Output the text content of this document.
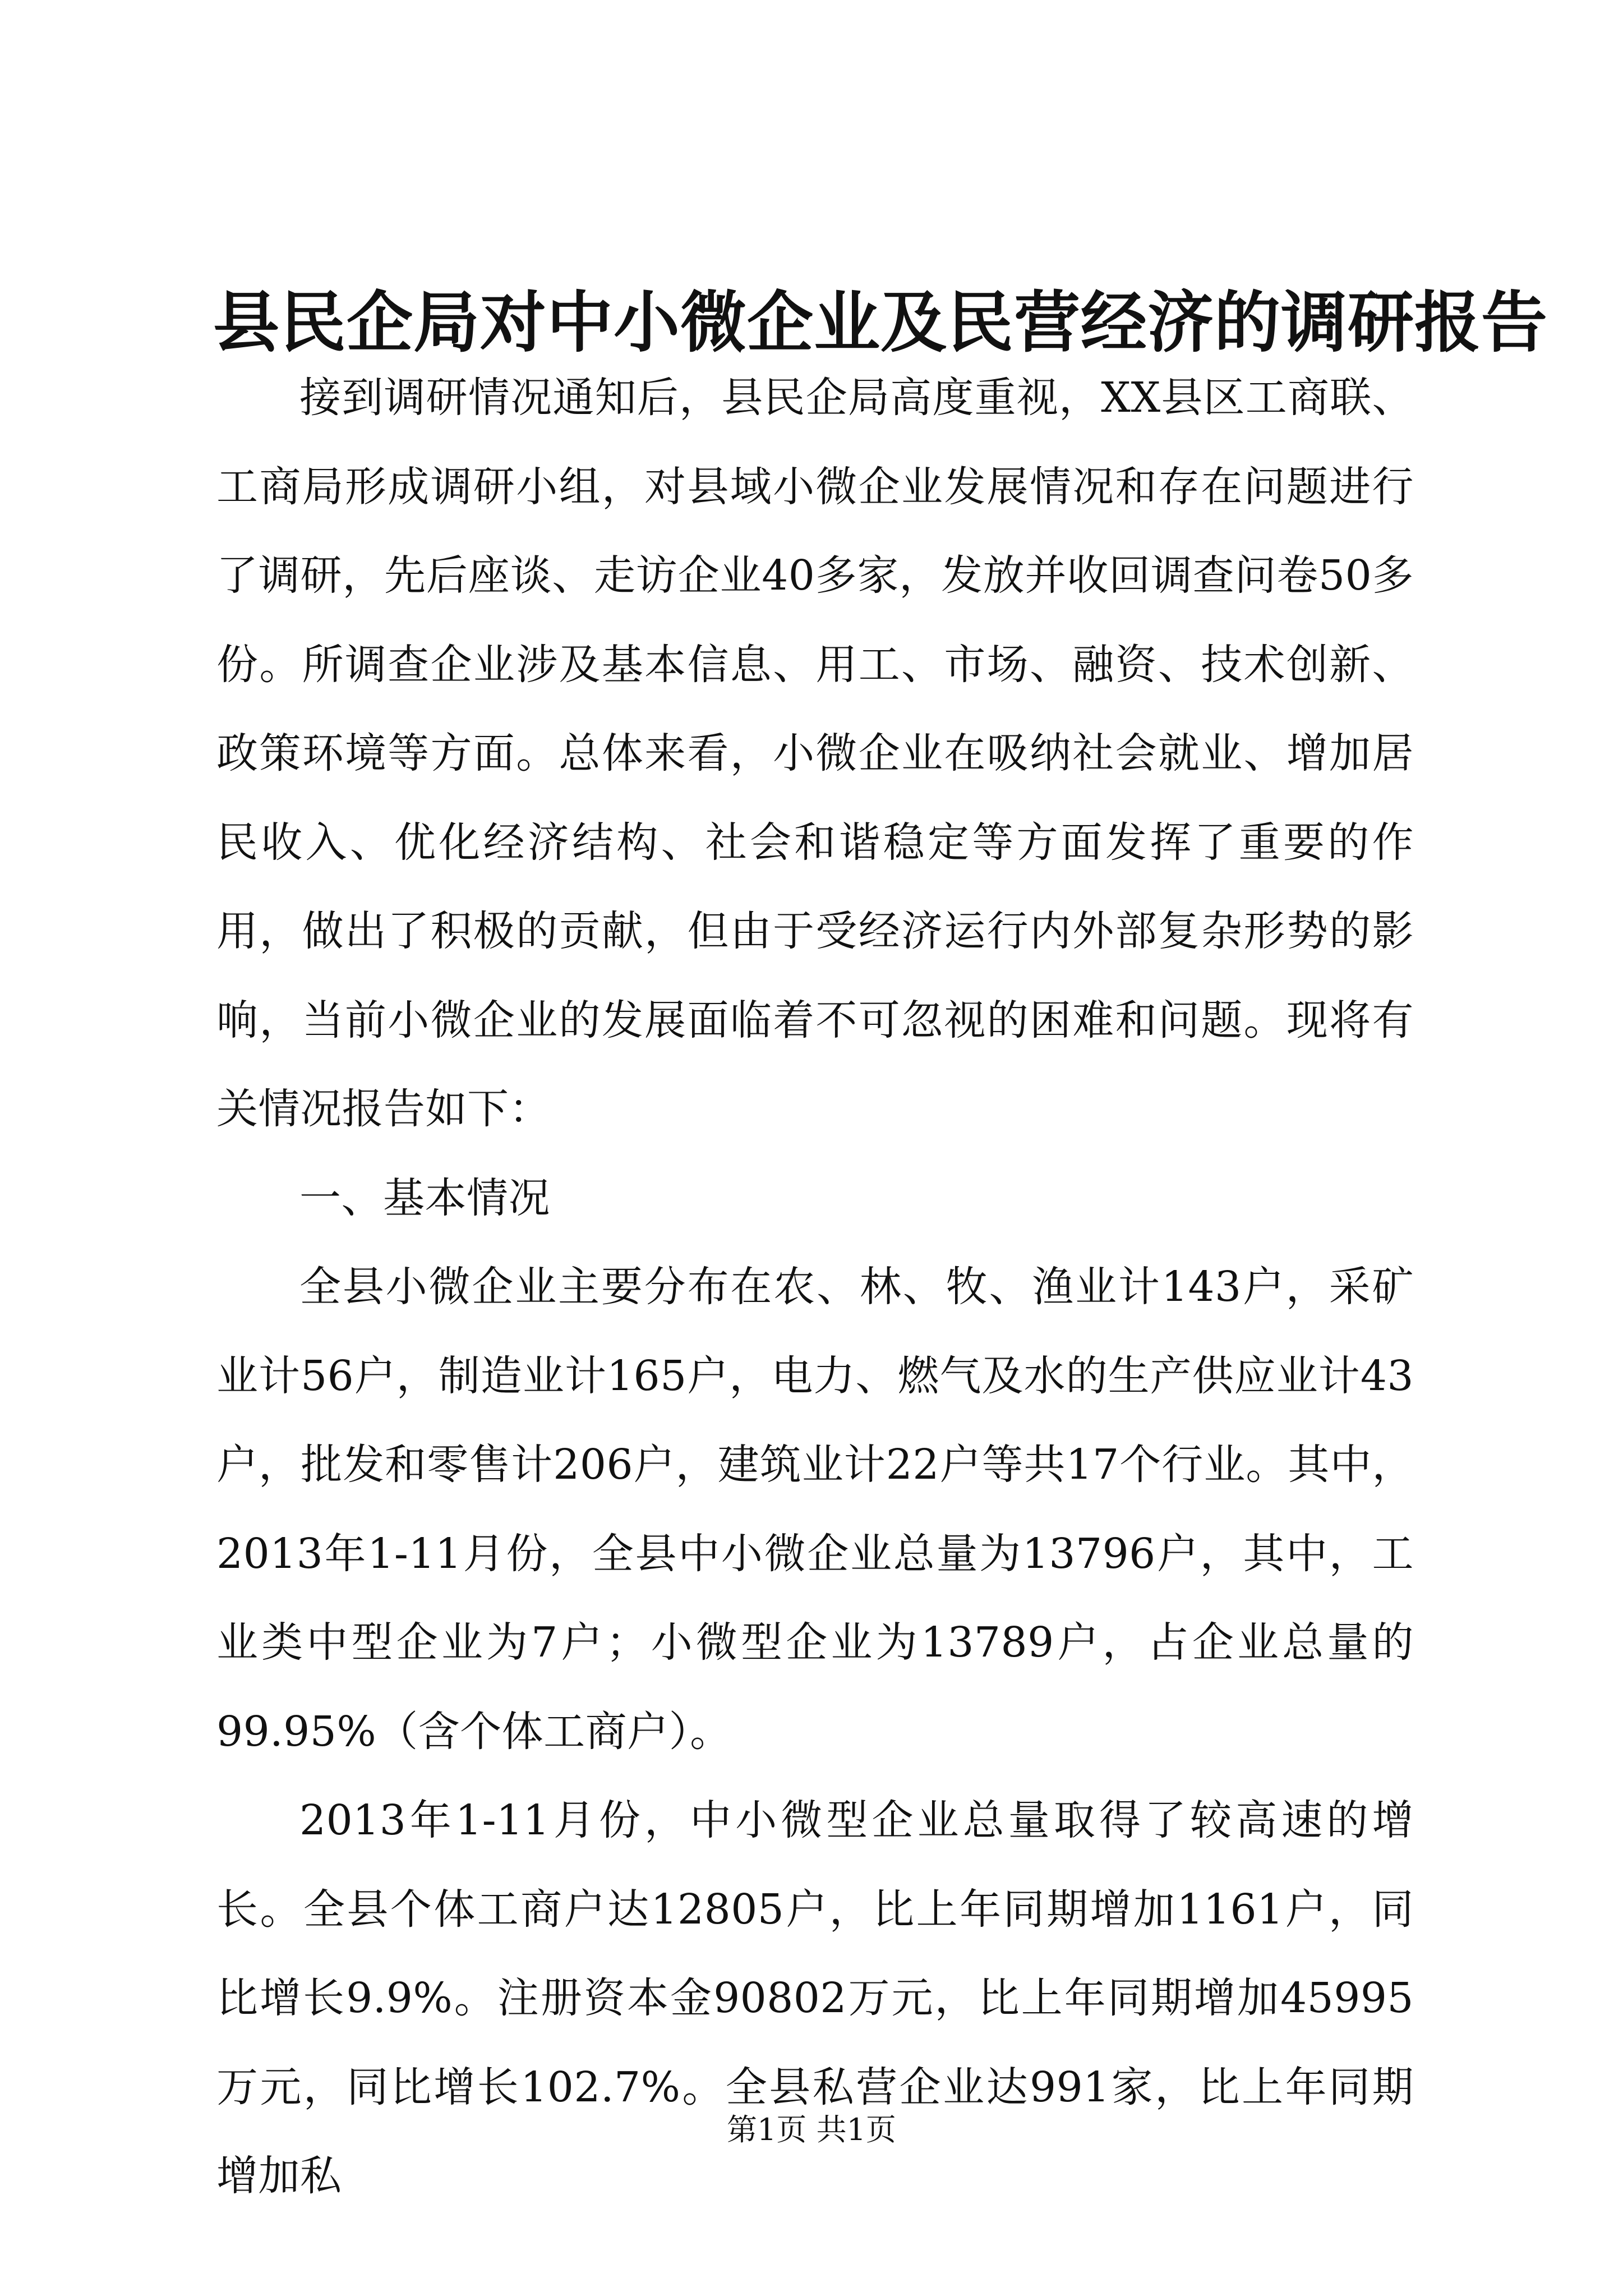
县民企局对中小微企业及民营经济的调研报告

接到调研情况通知后，县民企局高度重视，XX县区工商联、工商局形成调研小组，对县域小微企业发展情况和存在问题进行了调研，先后座谈、走访企业40多家，发放并收回调查问卷50多份。所调查企业涉及基本信息、用工、市场、融资、技术创新、政策环境等方面。总体来看，小微企业在吸纳社会就业、增加居民收入、优化经济结构、社会和谐稳定等方面发挥了重要的作用，做出了积极的贡献，但由于受经济运行内外部复杂形势的影响，当前小微企业的发展面临着不可忽视的困难和问题。现将有关情况报告如下：

一、基本情况

全县小微企业主要分布在农、林、牧、渔业计143户，采矿业计56户，制造业计165户，电力、燃气及水的生产供应业计43户，批发和零售计206户，建筑业计22户等共17个行业。其中，2013年1-11月份，全县中小微企业总量为13796户，其中，工业类中型企业为7户；小微型企业为13789户，占企业总量的99.95%（含个体工商户）。

2013年1-11月份，中小微型企业总量取得了较高速的增长。全县个体工商户达12805户，比上年同期增加1161户，同比增长9.9%。注册资本金90802万元，比上年同期增加45995万元，同比增长102.7%。全县私营企业达991家，比上年同期增加私

第1页 共1页
